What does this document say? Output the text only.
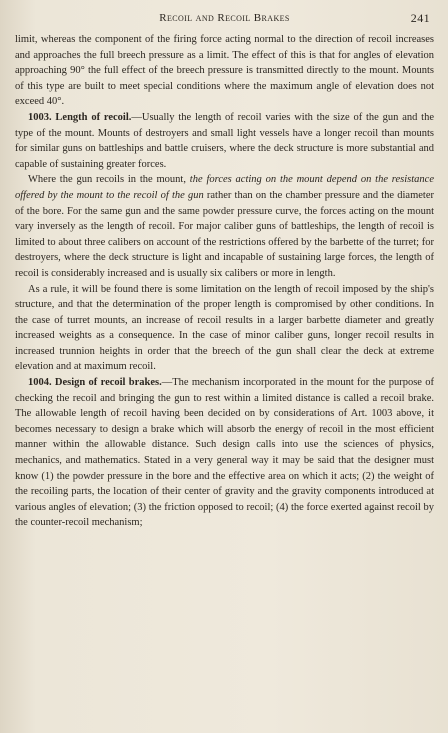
Recoil and Recoil Brakes	241

limit, whereas the component of the firing force acting normal to the direction of recoil increases and approaches the full breech pressure as a limit. The effect of this is that for angles of elevation approaching 90° the full effect of the breech pressure is transmitted directly to the mount. Mounts of this type are built to meet special conditions where the maximum angle of elevation does not exceed 40°.

1003. Length of recoil.—Usually the length of recoil varies with the size of the gun and the type of the mount. Mounts of destroyers and small light vessels have a longer recoil than mounts for similar guns on battleships and battle cruisers, where the deck structure is more substantial and capable of sustaining greater forces.

Where the gun recoils in the mount, the forces acting on the mount depend on the resistance offered by the mount to the recoil of the gun rather than on the chamber pressure and the diameter of the bore. For the same gun and the same powder pressure curve, the forces acting on the mount vary inversely as the length of recoil. For major caliber guns of battleships, the length of recoil is limited to about three calibers on account of the restrictions offered by the barbette of the turret; for destroyers, where the deck structure is light and incapable of sustaining large forces, the length of recoil is considerably increased and is usually six calibers or more in length.

As a rule, it will be found there is some limitation on the length of recoil imposed by the ship's structure, and that the determination of the proper length is compromised by other conditions. In the case of turret mounts, an increase of recoil results in a larger barbette diameter and greatly increased weights as a consequence. In the case of minor caliber guns, longer recoil results in increased trunnion heights in order that the breech of the gun shall clear the deck at extreme elevation and at maximum recoil.

1004. Design of recoil brakes.—The mechanism incorporated in the mount for the purpose of checking the recoil and bringing the gun to rest within a limited distance is called a recoil brake. The allowable length of recoil having been decided on by considerations of Art. 1003 above, it becomes necessary to design a brake which will absorb the energy of recoil in the most efficient manner within the allowable distance. Such design calls into use the sciences of physics, mechanics, and mathematics. Stated in a very general way it may be said that the designer must know (1) the powder pressure in the bore and the effective area on which it acts; (2) the weight of the recoiling parts, the location of their center of gravity and the gravity components introduced at various angles of elevation; (3) the friction opposed to recoil; (4) the force exerted against recoil by the counter-recoil mechanism;
